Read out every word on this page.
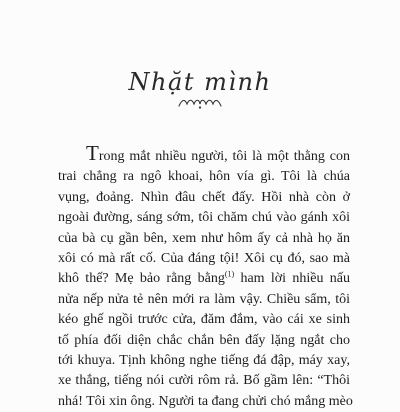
Nhặt mình
Trong mắt nhiều người, tôi là một thằng con
trai chẳng ra ngô khoai, hôn vía gì. Tôi là chúa
vụng, đoảng. Nhìn đâu chết đấy. Hồi nhà còn ở
ngoài đường, sáng sớm, tôi chăm chú vào gánh xôi
của bà cụ gần bên, xem như hôm ấy cả nhà họ ăn
xôi có mà rất cố. Của đáng tội! Xôi cụ đó, sao mà
khô thế? Mẹ bảo rằng bằng$^{(1)}$ ham lời nhiều nấu
nửa nếp nửa tẻ nên mới ra làm vậy. Chiều sẩm, tôi
kéo ghế ngồi trước cửa, đăm đắm, vào cái xe sinh
tố phía đối diện chắc chắn bên đấy lặng ngắt cho
tới khuya. Tịnh không nghe tiếng đá đập, máy xay,
xe thắng, tiếng nói cười rôm rả. Bố gầm lên: “Thôi
nhá! Tôi xin ông. Người ta đang chửi chó mắng mèo
